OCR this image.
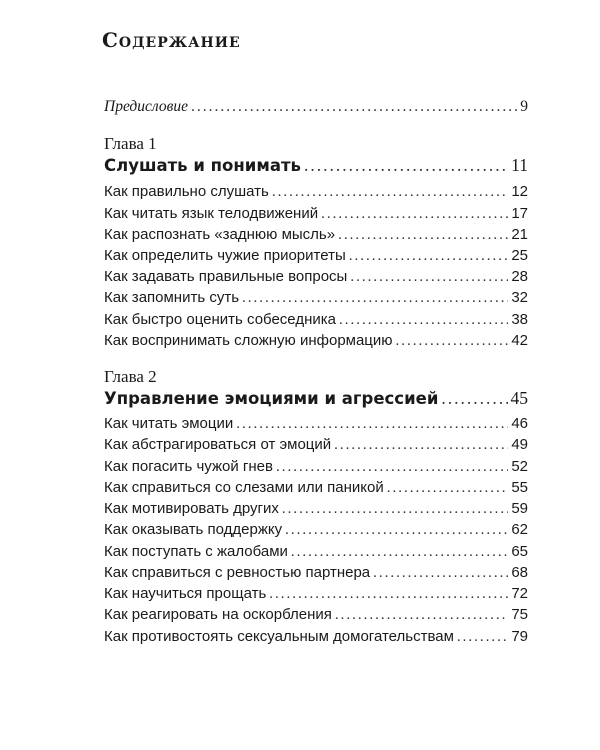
Содержание
Предисловие .....	9
Глава 1
Слушать и понимать .....	11
Как правильно слушать .....	12
Как читать язык телодвижений .....	17
Как распознать «заднюю мысль» .....	21
Как определить чужие приоритеты .....	25
Как задавать правильные вопросы .....	28
Как запомнить суть .....	32
Как быстро оценить собеседника .....	38
Как воспринимать сложную информацию .....	42
Глава 2
Управление эмоциями и агрессией .....	45
Как читать эмоции .....	46
Как абстрагироваться от эмоций .....	49
Как погасить чужой гнев .....	52
Как справиться со слезами или паникой .....	55
Как мотивировать других .....	59
Как оказывать поддержку .....	62
Как поступать с жалобами .....	65
Как справиться с ревностью партнера .....	68
Как научиться прощать .....	72
Как реагировать на оскорбления .....	75
Как противостоять сексуальным домогательствам .....	79
